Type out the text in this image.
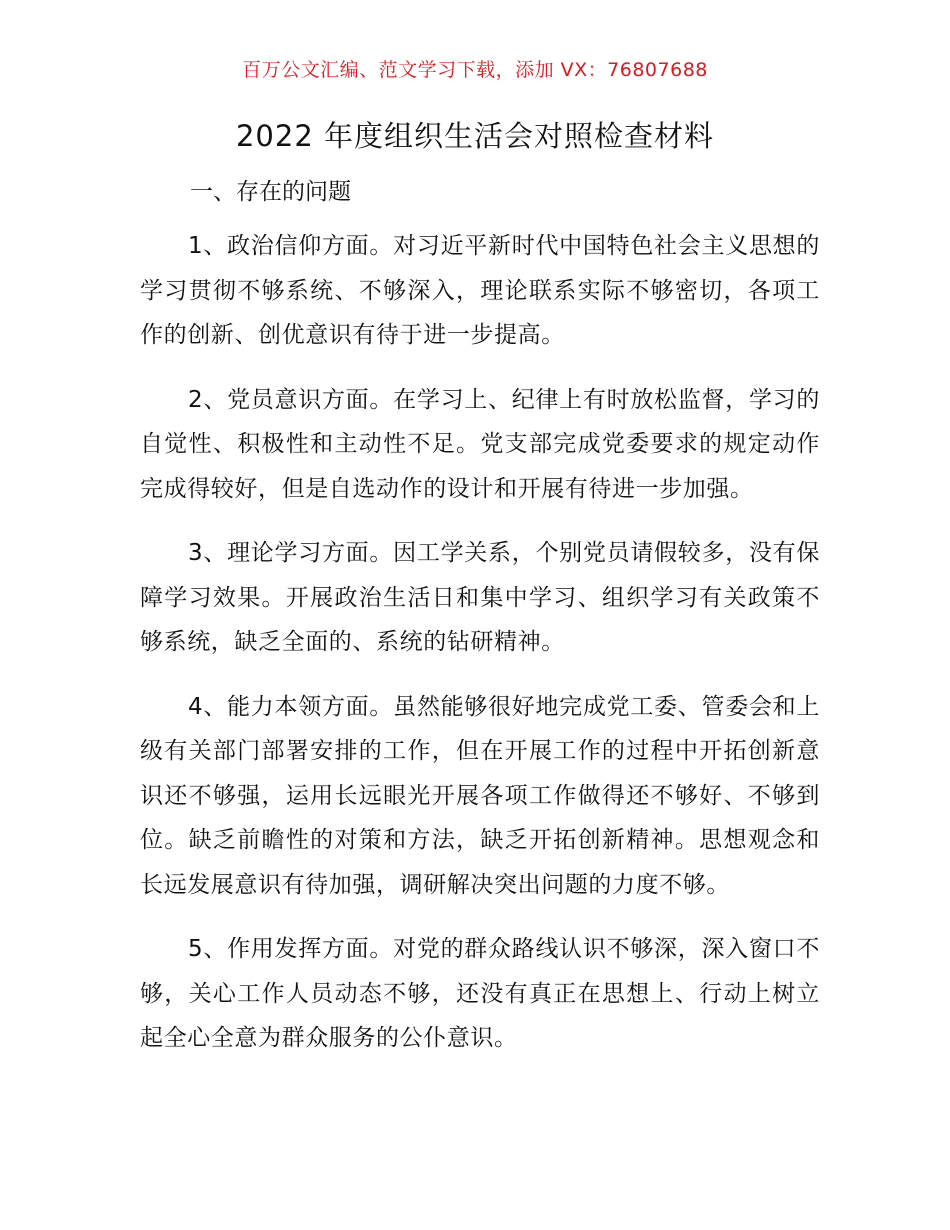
百万公文汇编、范文学习下载，添加 VX：76807688
2022 年度组织生活会对照检查材料
一、存在的问题

1、政治信仰方面。对习近平新时代中国特色社会主义思想的学习贯彻不够系统、不够深入，理论联系实际不够密切，各项工作的创新、创优意识有待于进一步提高。

2、党员意识方面。在学习上、纪律上有时放松监督，学习的自觉性、积极性和主动性不足。党支部完成党委要求的规定动作完成得较好，但是自选动作的设计和开展有待进一步加强。

3、理论学习方面。因工学关系，个别党员请假较多，没有保障学习效果。开展政治生活日和集中学习、组织学习有关政策不够系统，缺乏全面的、系统的钻研精神。

4、能力本领方面。虽然能够很好地完成党工委、管委会和上级有关部门部署安排的工作，但在开展工作的过程中开拓创新意识还不够强，运用长远眼光开展各项工作做得还不够好、不够到位。缺乏前瞻性的对策和方法，缺乏开拓创新精神。思想观念和长远发展意识有待加强，调研解决突出问题的力度不够。

5、作用发挥方面。对党的群众路线认识不够深，深入窗口不够，关心工作人员动态不够，还没有真正在思想上、行动上树立起全心全意为群众服务的公仆意识。
